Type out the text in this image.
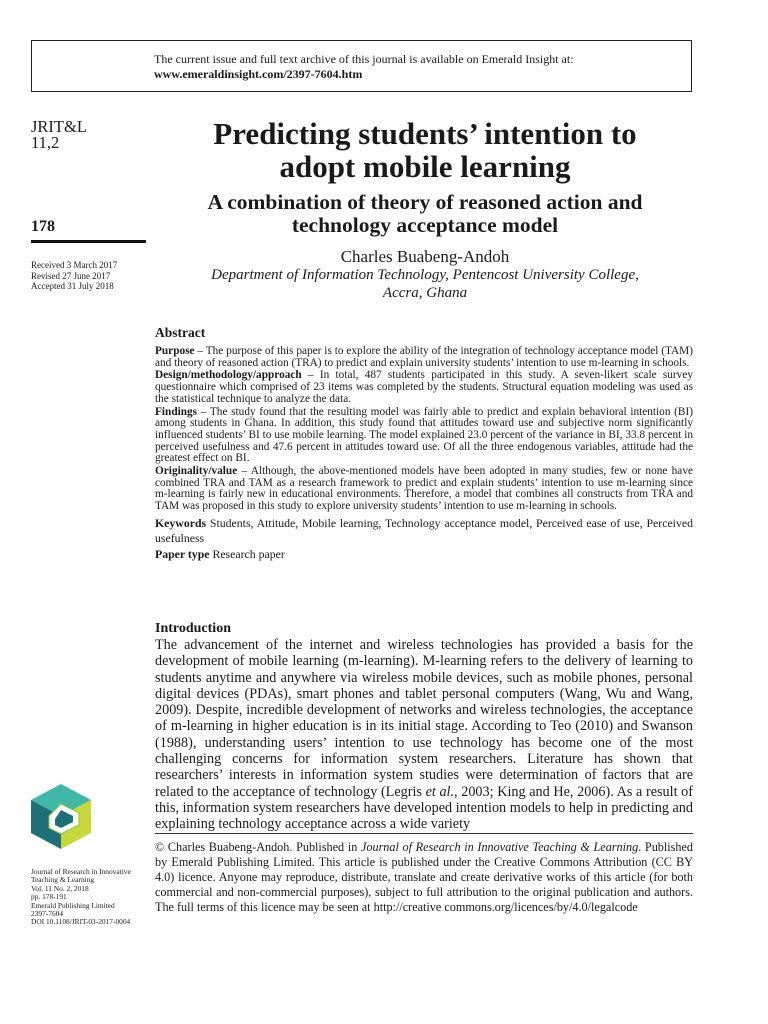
The current issue and full text archive of this journal is available on Emerald Insight at:
www.emeraldinsight.com/2397-7604.htm
JRIT&L
11,2
178
Received 3 March 2017
Revised 27 June 2017
Accepted 31 July 2018
Predicting students’ intention to
adopt mobile learning
A combination of theory of reasoned action and
technology acceptance model
Charles Buabeng-Andoh
Department of Information Technology, Pentencost University College,
Accra, Ghana
Abstract

Purpose – The purpose of this paper is to explore the ability of the integration of technology acceptance model (TAM) and theory of reasoned action (TRA) to predict and explain university students’ intention to use m-learning in schools.

Design/methodology/approach – In total, 487 students participated in this study. A seven-likert scale survey questionnaire which comprised of 23 items was completed by the students. Structural equation modeling was used as the statistical technique to analyze the data.

Findings – The study found that the resulting model was fairly able to predict and explain behavioral intention (BI) among students in Ghana. In addition, this study found that attitudes toward use and subjective norm significantly influenced students’ BI to use mobile learning. The model explained 23.0 percent of the variance in BI, 33.8 percent in perceived usefulness and 47.6 percent in attitudes toward use. Of all the three endogenous variables, attitude had the greatest effect on BI.

Originality/value – Although, the above-mentioned models have been adopted in many studies, few or none have combined TRA and TAM as a research framework to predict and explain students’ intention to use m-learning since m-learning is fairly new in educational environments. Therefore, a model that combines all constructs from TRA and TAM was proposed in this study to explore university students’ intention to use m-learning in schools.

Keywords Students, Attitude, Mobile learning, Technology acceptance model, Perceived ease of use, Perceived usefulness
Paper type Research paper
Introduction
The advancement of the internet and wireless technologies has provided a basis for the development of mobile learning (m-learning). M-learning refers to the delivery of learning to students anytime and anywhere via wireless mobile devices, such as mobile phones, personal digital devices (PDAs), smart phones and tablet personal computers (Wang, Wu and Wang, 2009). Despite, incredible development of networks and wireless technologies, the acceptance of m-learning in higher education is in its initial stage. According to Teo (2010) and Swanson (1988), understanding users’ intention to use technology has become one of the most challenging concerns for information system researchers. Literature has shown that researchers’ interests in information system studies were determination of factors that are related to the acceptance of technology (Legris et al., 2003; King and He, 2006). As a result of this, information system researchers have developed intention models to help in predicting and explaining technology acceptance across a wide variety
© Charles Buabeng-Andoh. Published in Journal of Research in Innovative Teaching & Learning. Published by Emerald Publishing Limited. This article is published under the Creative Commons Attribution (CC BY 4.0) licence. Anyone may reproduce, distribute, translate and create derivative works of this article (for both commercial and non-commercial purposes), subject to full attribution to the original publication and authors. The full terms of this licence may be seen at http://creative commons.org/licences/by/4.0/legalcode
Journal of Research in Innovative
Teaching & Learning
Vol. 11 No. 2, 2018
pp. 178-191
Emerald Publishing Limited
2397-7604
DOI 10.1108/JRIT-03-2017-0004
